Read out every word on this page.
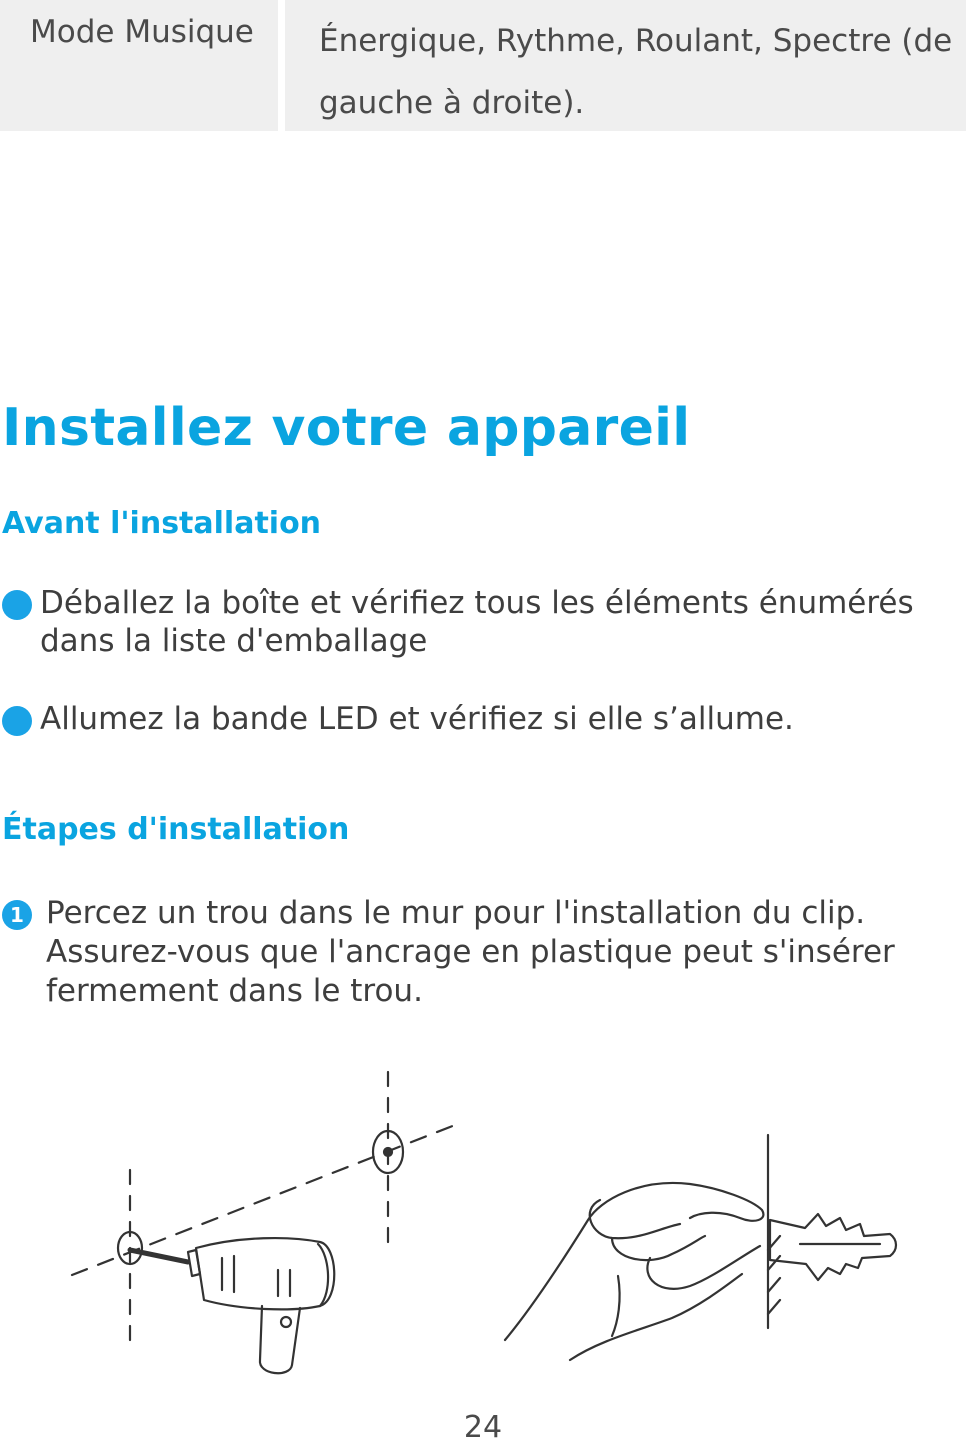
Mode Musique	Énergique, Rythme, Roulant, Spectre (de gauche à droite).
Installez votre appareil
Avant l'installation
Déballez la boîte et vérifiez tous les éléments énumérés dans la liste d'emballage
Allumez la bande LED et vérifiez si elle s’allume.
Étapes d'installation
1 Percez un trou dans le mur pour l'installation du clip. Assurez-vous que l'ancrage en plastique peut s'insérer fermement dans le trou.
24
